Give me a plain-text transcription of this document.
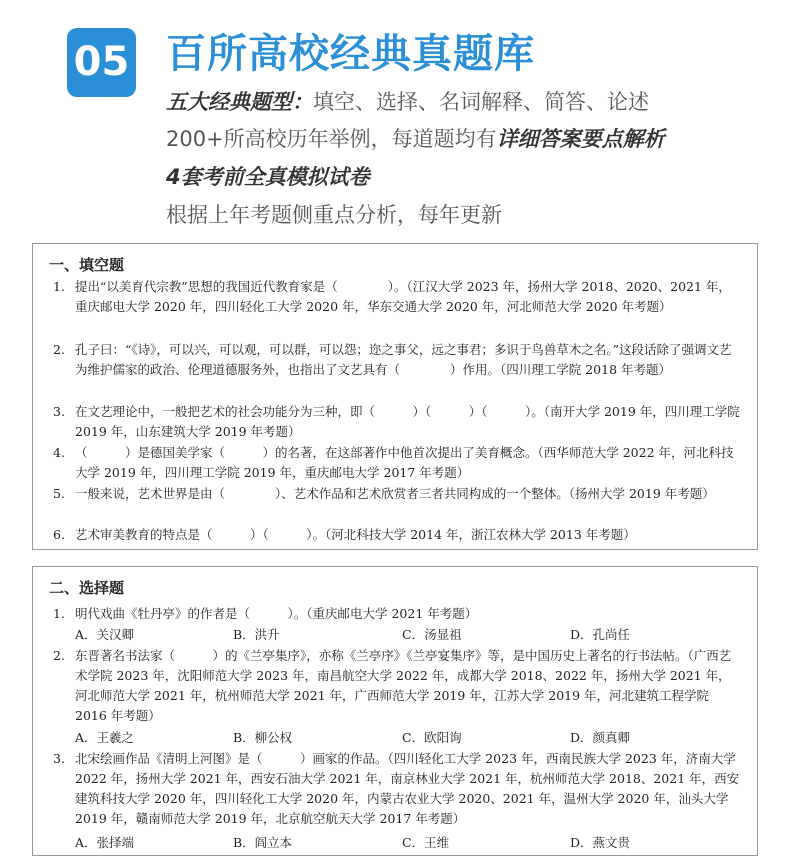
05 百所高校经典真题库
五大经典题型：填空、选择、名词解释、简答、论述
200+所高校历年举例，每道题均有详细答案要点解析
4套考前全真模拟试卷
根据上年考题侧重点分析，每年更新
一、填空题
1. 提出“以美育代宗教”思想的我国近代教育家是（　　　　）。（江汉大学 2023 年，扬州大学 2018、2020、2021 年，重庆邮电大学 2020 年，四川轻化工大学 2020 年，华东交通大学 2020 年，河北师范大学 2020 年考题）
2. 孔子曰：“《诗》，可以兴，可以观，可以群，可以怨；迩之事父，远之事君；多识于鸟兽草木之名。”这段话除了强调文艺为维护儒家的政治、伦理道德服务外，也指出了文艺具有（　　　　）作用。（四川理工学院 2018 年考题）
3. 在文艺理论中，一般把艺术的社会功能分为三种，即（　　　）（　　　）（　　　）。（南开大学 2019 年，四川理工学院 2019 年，山东建筑大学 2019 年考题）
4. （　　　）是德国美学家（　　　）的名著，在这部著作中他首次提出了美育概念。（西华师范大学 2022 年，河北科技大学 2019 年，四川理工学院 2019 年，重庆邮电大学 2017 年考题）
5. 一般来说，艺术世界是由（　　　　）、艺术作品和艺术欣赏者三者共同构成的一个整体。（扬州大学 2019 年考题）
6. 艺术审美教育的特点是（　　　）（　　　）。（河北科技大学 2014 年，浙江农林大学 2013 年考题）
二、选择题
1. 明代戏曲《牡丹亭》的作者是（　　　）。（重庆邮电大学 2021 年考题）
A．关汉卿	B．洪升	C．汤显祖	D．孔尚任
2. 东晋著名书法家（　　　）的《兰亭集序》，亦称《兰亭序》《兰亭宴集序》等，是中国历史上著名的行书法帖。（广西艺术学院 2023 年，沈阳师范大学 2023 年，南昌航空大学 2022 年，成都大学 2018、2022 年，扬州大学 2021 年，河北师范大学 2021 年，杭州师范大学 2021 年，广西师范大学 2019 年，江苏大学 2019 年，河北建筑工程学院 2016 年考题）
A．王羲之	B．柳公权	C．欧阳询	D．颜真卿
3. 北宋绘画作品《清明上河图》是（　　　）画家的作品。（四川轻化工大学 2023 年，西南民族大学 2023 年，济南大学 2022 年，扬州大学 2021 年，西安石油大学 2021 年，南京林业大学 2021 年，杭州师范大学 2018、2021 年，西安建筑科技大学 2020 年，四川轻化工大学 2020 年，内蒙古农业大学 2020、2021 年，温州大学 2020 年，汕头大学 2019 年，赣南师范大学 2019 年，北京航空航天大学 2017 年考题）
A．张择端	B．阎立本	C．王维	D．燕文贵
